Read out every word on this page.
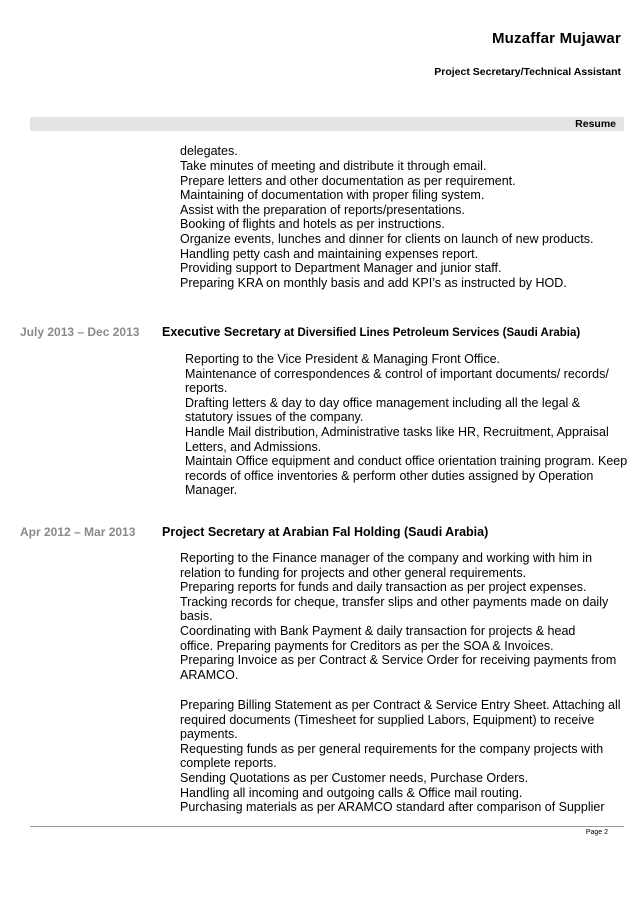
Muzaffar Mujawar
Project Secretary/Technical Assistant
Resume
delegates.
Take minutes of meeting and distribute it through email.
Prepare letters and other documentation as per requirement.
Maintaining of documentation with proper filing system.
Assist with the preparation of reports/presentations.
Booking of flights and hotels as per instructions.
Organize events, lunches and dinner for clients on launch of new products.
Handling petty cash and maintaining expenses report.
Providing support to Department Manager and junior staff.
Preparing KRA on monthly basis and add KPI’s as instructed by HOD.
July 2013 – Dec 2013 Executive Secretary at Diversified Lines Petroleum Services (Saudi Arabia)
Reporting to the Vice President & Managing Front Office.
Maintenance of correspondences & control of important documents/ records/ reports.
Drafting letters & day to day office management including all the legal & statutory issues of the company.
Handle Mail distribution, Administrative tasks like HR, Recruitment, Appraisal Letters, and Admissions.
Maintain Office equipment and conduct office orientation training program. Keep records of office inventories & perform other duties assigned by Operation Manager.
Apr 2012 – Mar 2013 Project Secretary at Arabian Fal Holding (Saudi Arabia)
Reporting to the Finance manager of the company and working with him in relation to funding for projects and other general requirements.
Preparing reports for funds and daily transaction as per project expenses.
Tracking records for cheque, transfer slips and other payments made on daily basis.
Coordinating with Bank Payment & daily transaction for projects & head office. Preparing payments for Creditors as per the SOA & Invoices.
Preparing Invoice as per Contract & Service Order for receiving payments from ARAMCO.
Preparing Billing Statement as per Contract & Service Entry Sheet. Attaching all required documents (Timesheet for supplied Labors, Equipment) to receive payments.
Requesting funds as per general requirements for the company projects with complete reports.
Sending Quotations as per Customer needs, Purchase Orders.
Handling all incoming and outgoing calls & Office mail routing.
Purchasing materials as per ARAMCO standard after comparison of Supplier
Page 2
